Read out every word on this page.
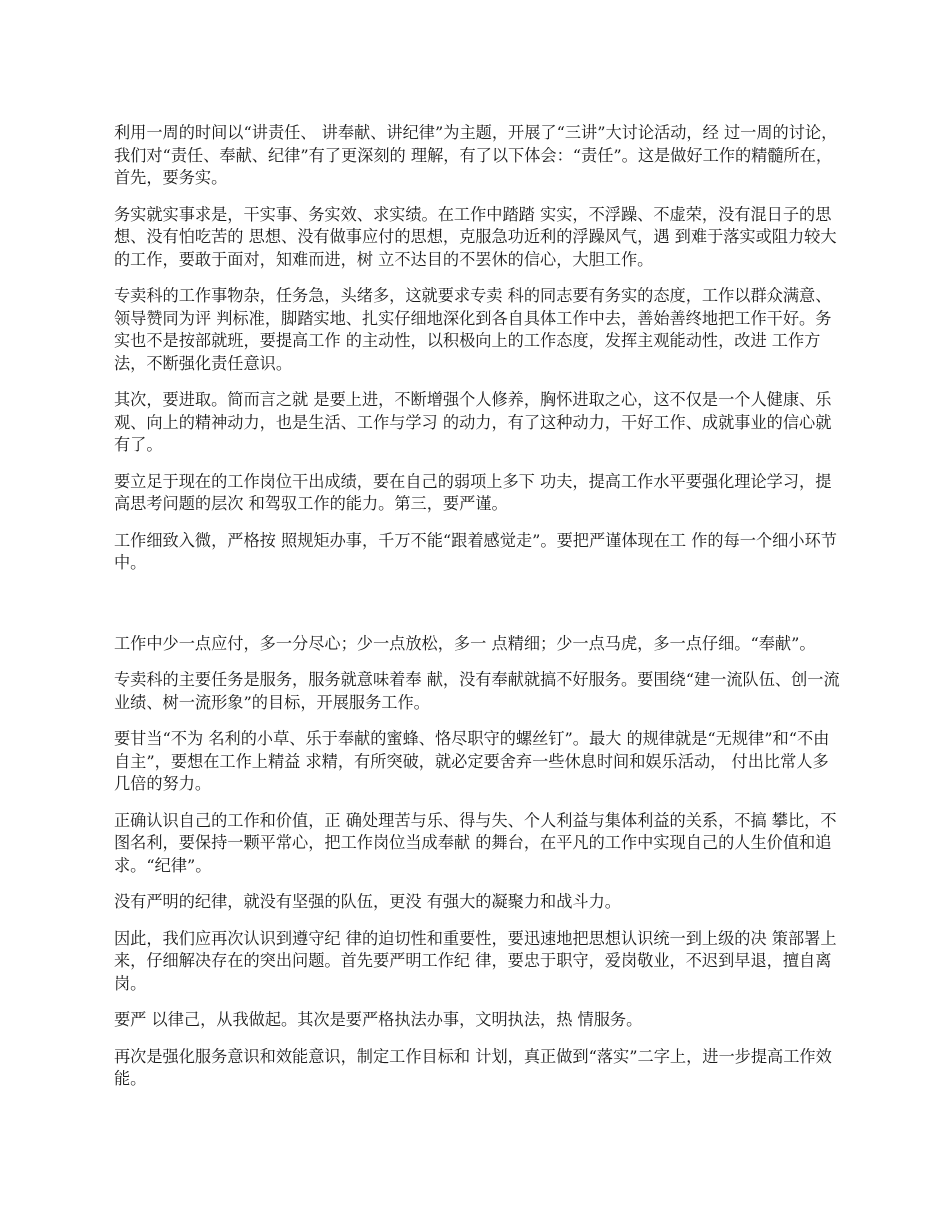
利用一周的时间以“讲责任、 讲奉献、讲纪律”为主题，开展了“三讲”大讨论活动，经 过一周的讨论，我们对“责任、奉献、纪律”有了更深刻的 理解，有了以下体会：“责任”。这是做好工作的精髓所在，首先，要务实。

务实就实事求是，干实事、务实效、求实绩。在工作中踏踏 实实，不浮躁、不虚荣，没有混日子的思想、没有怕吃苦的 思想、没有做事应付的思想，克服急功近利的浮躁风气，遇 到难于落实或阻力较大的工作，要敢于面对，知难而进，树 立不达目的不罢休的信心，大胆工作。

专卖科的工作事物杂，任务急，头绪多，这就要求专卖 科的同志要有务实的态度，工作以群众满意、领导赞同为评 判标准，脚踏实地、扎实仔细地深化到各自具体工作中去，善始善终地把工作干好。务实也不是按部就班，要提高工作 的主动性，以积极向上的工作态度，发挥主观能动性，改进 工作方法，不断强化责任意识。

其次，要进取。简而言之就 是要上进，不断增强个人修养，胸怀进取之心，这不仅是一个人健康、乐观、向上的精神动力，也是生活、工作与学习 的动力，有了这种动力，干好工作、成就事业的信心就有了。

要立足于现在的工作岗位干出成绩，要在自己的弱项上多下 功夫，提高工作水平要强化理论学习，提高思考问题的层次 和驾驭工作的能力。第三，要严谨。

工作细致入微，严格按 照规矩办事，千万不能“跟着感觉走”。要把严谨体现在工 作的每一个细小环节中。

工作中少一点应付，多一分尽心；少一点放松，多一 点精细；少一点马虎，多一点仔细。“奉献”。

专卖科的主要任务是服务，服务就意味着奉 献，没有奉献就搞不好服务。要围绕“建一流队伍、创一流 业绩、树一流形象”的目标，开展服务工作。

要甘当“不为 名利的小草、乐于奉献的蜜蜂、恪尽职守的螺丝钉”。最大 的规律就是“无规律”和“不由自主”，要想在工作上精益 求精，有所突破，就必定要舍弃一些休息时间和娱乐活动， 付出比常人多几倍的努力。

正确认识自己的工作和价值，正 确处理苦与乐、得与失、个人利益与集体利益的关系，不搞 攀比，不图名利，要保持一颗平常心，把工作岗位当成奉献 的舞台，在平凡的工作中实现自己的人生价值和追求。“纪律”。

没有严明的纪律，就没有坚强的队伍，更没 有强大的凝聚力和战斗力。

因此，我们应再次认识到遵守纪 律的迫切性和重要性，要迅速地把思想认识统一到上级的决 策部署上来，仔细解决存在的突出问题。首先要严明工作纪 律，要忠于职守，爱岗敬业，不迟到早退，擅自离岗。

要严 以律己，从我做起。其次是要严格执法办事，文明执法，热 情服务。

再次是强化服务意识和效能意识，制定工作目标和 计划，真正做到“落实”二字上，进一步提高工作效能。
